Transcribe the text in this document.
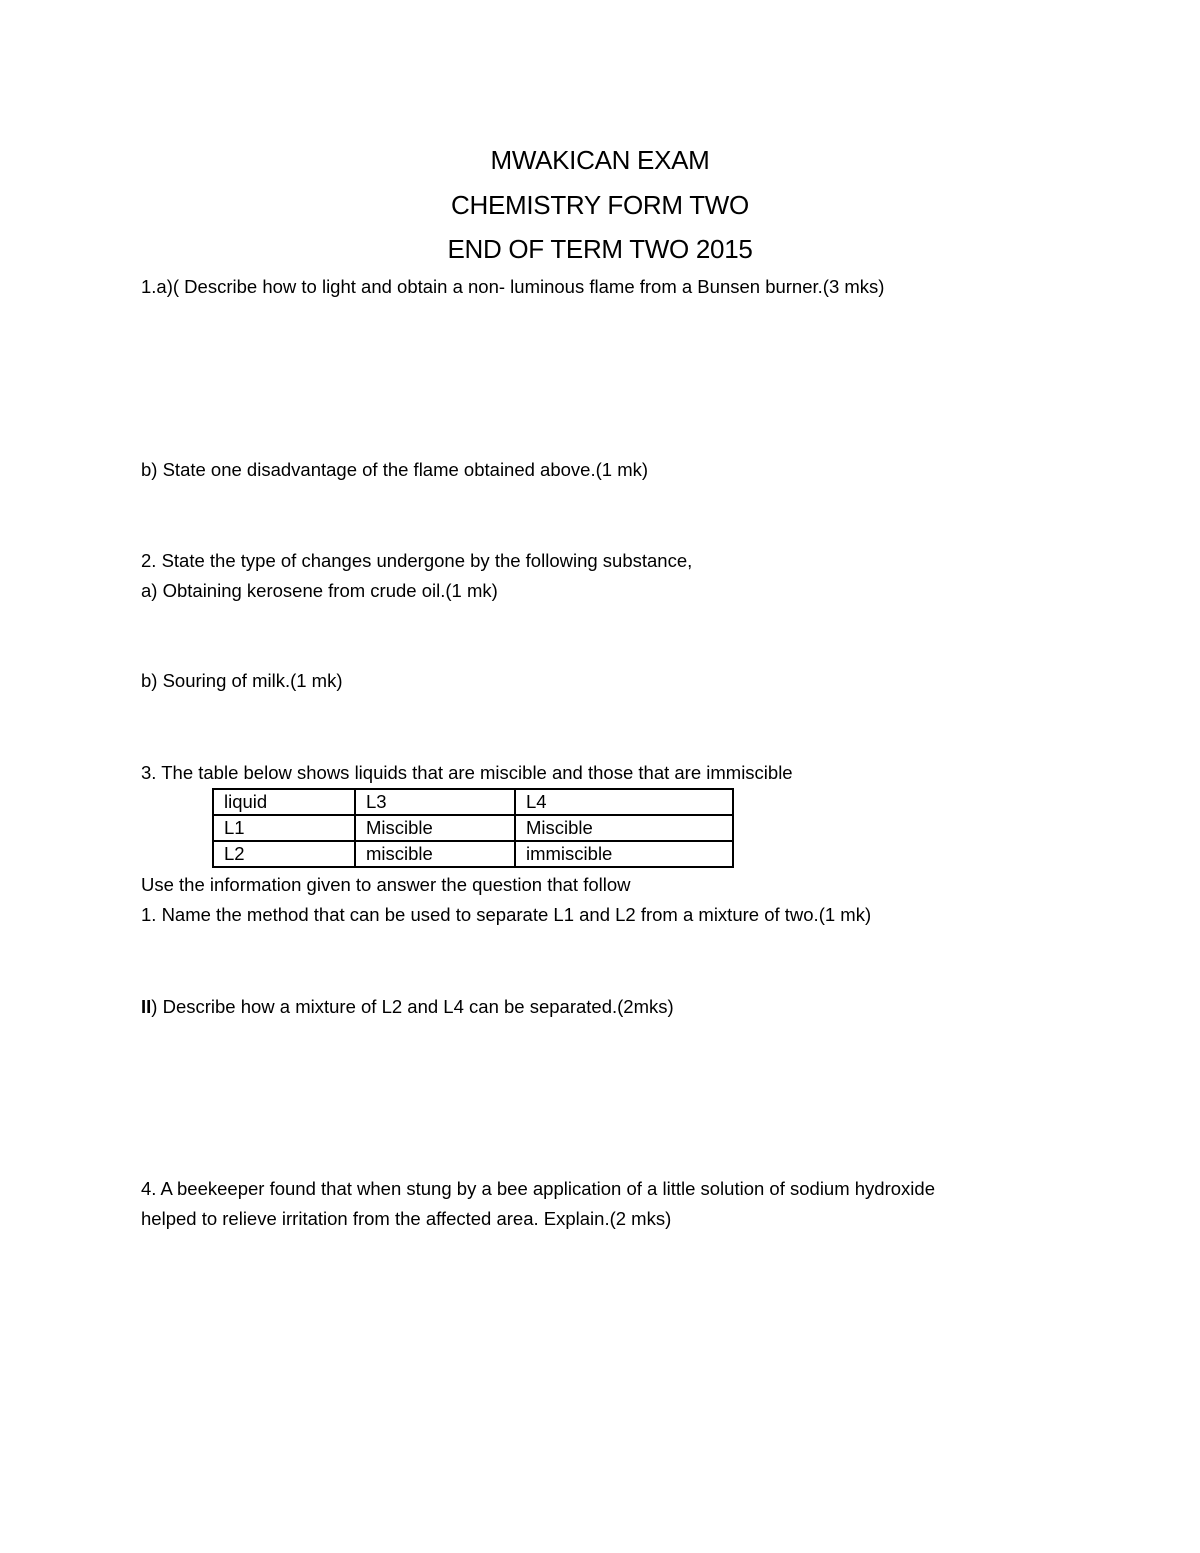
MWAKICAN EXAM
CHEMISTRY FORM TWO
END OF TERM TWO 2015
1.a)( Describe how to light and obtain a non- luminous flame from a Bunsen burner.(3 mks)
b) State one disadvantage of the flame obtained above.(1 mk)
2. State the type of changes undergone by the following substance,
a) Obtaining kerosene from crude oil.(1 mk)
b) Souring of milk.(1 mk)
3. The table below shows liquids that are miscible and those that are immiscible
liquid	L3	L4
L1	Miscible	Miscible
L2	miscible	immiscible
Use the information given to answer the question that follow
1. Name the method that can be used to separate L1 and L2 from a mixture of two.(1 mk)
II) Describe how a mixture of L2 and L4 can be separated.(2mks)
4. A beekeeper found that when stung by a bee application of a little solution of sodium hydroxide
helped to relieve irritation from the affected area. Explain.(2 mks)
